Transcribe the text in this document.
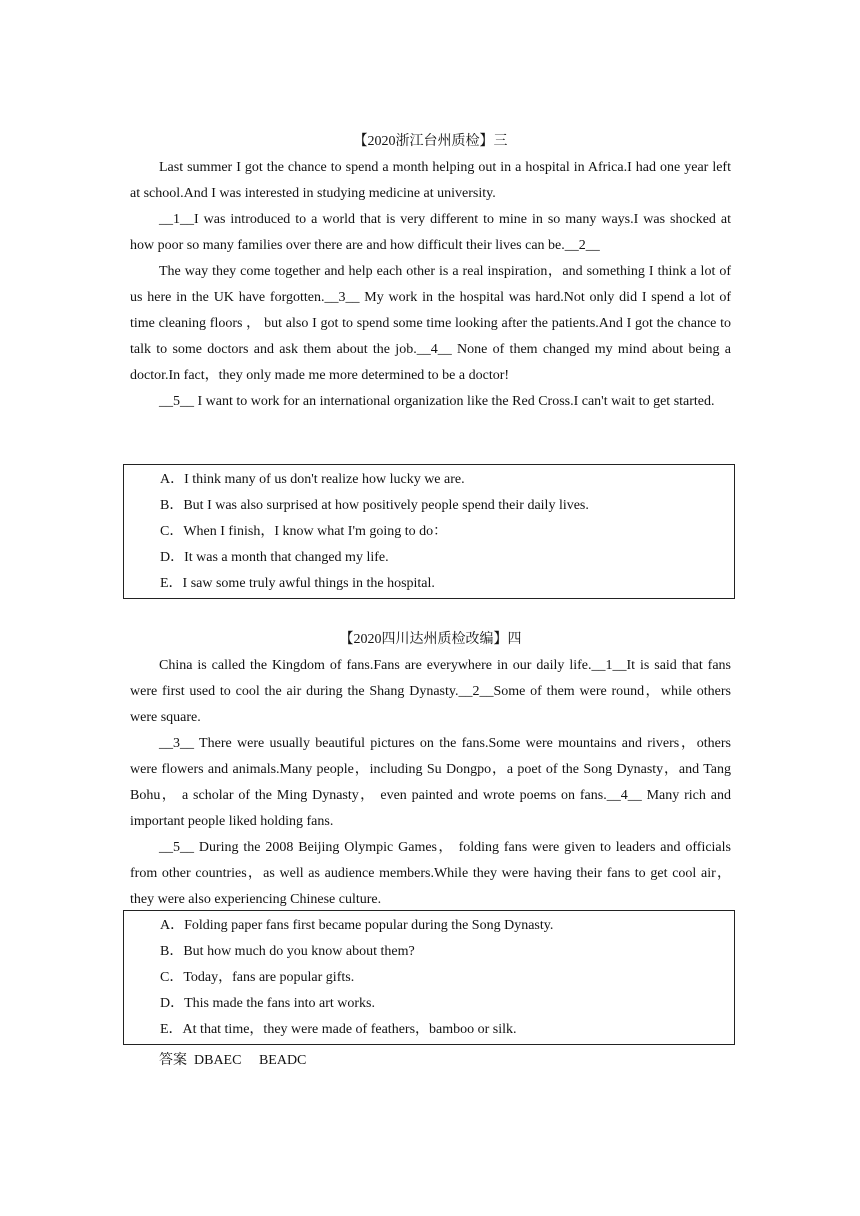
【2020浙江台州质检】三

Last summer I got the chance to spend a month helping out in a hospital in Africa.I had one year left at school.And I was interested in studying medicine at university.

__1__I was introduced to a world that is very different to mine in so many ways.I was shocked at how poor so many families over there are and how difficult their lives can be.__2__

The way they come together and help each other is a real inspiration，and something I think a lot of us here in the UK have forgotten.__3__ My work in the hospital was hard.Not only did I spend a lot of time cleaning floors ， but also I got to spend some time looking after the patients.And I got the chance to talk to some doctors and ask them about the job.__4__ None of them changed my mind about being a doctor.In fact，they only made me more determined to be a doctor!

__5__ I want to work for an international organization like the Red Cross.I can't wait to get started.

A．I think many of us don't realize how lucky we are.
B．But I was also surprised at how positively people spend their daily lives.
C．When I finish，I know what I'm going to do：
D．It was a month that changed my life.
E．I saw some truly awful things in the hospital.
【2020四川达州质检改编】四

China is called the Kingdom of fans.Fans are everywhere in our daily life.__1__It is said that fans were first used to cool the air during the Shang Dynasty.__2__Some of them were round，while others were square.

__3__ There were usually beautiful pictures on the fans.Some were mountains and rivers，others were flowers and animals.Many people，including Su Dongpo，a poet of the Song Dynasty，and Tang Bohu， a scholar of the Ming Dynasty， even painted and wrote poems on fans.__4__ Many rich and important people liked holding fans.

__5__ During the 2008 Beijing Olympic Games， folding fans were given to leaders and officials from other countries，as well as audience members.While they were having their fans to get cool air，they were also experiencing Chinese culture.

A．Folding paper fans first became popular during the Song Dynasty.
B．But how much do you know about them?
C．Today，fans are popular gifts.
D．This made the fans into art works.
E．At that time，they were made of feathers，bamboo or silk.
答案  DBAEC     BEADC
